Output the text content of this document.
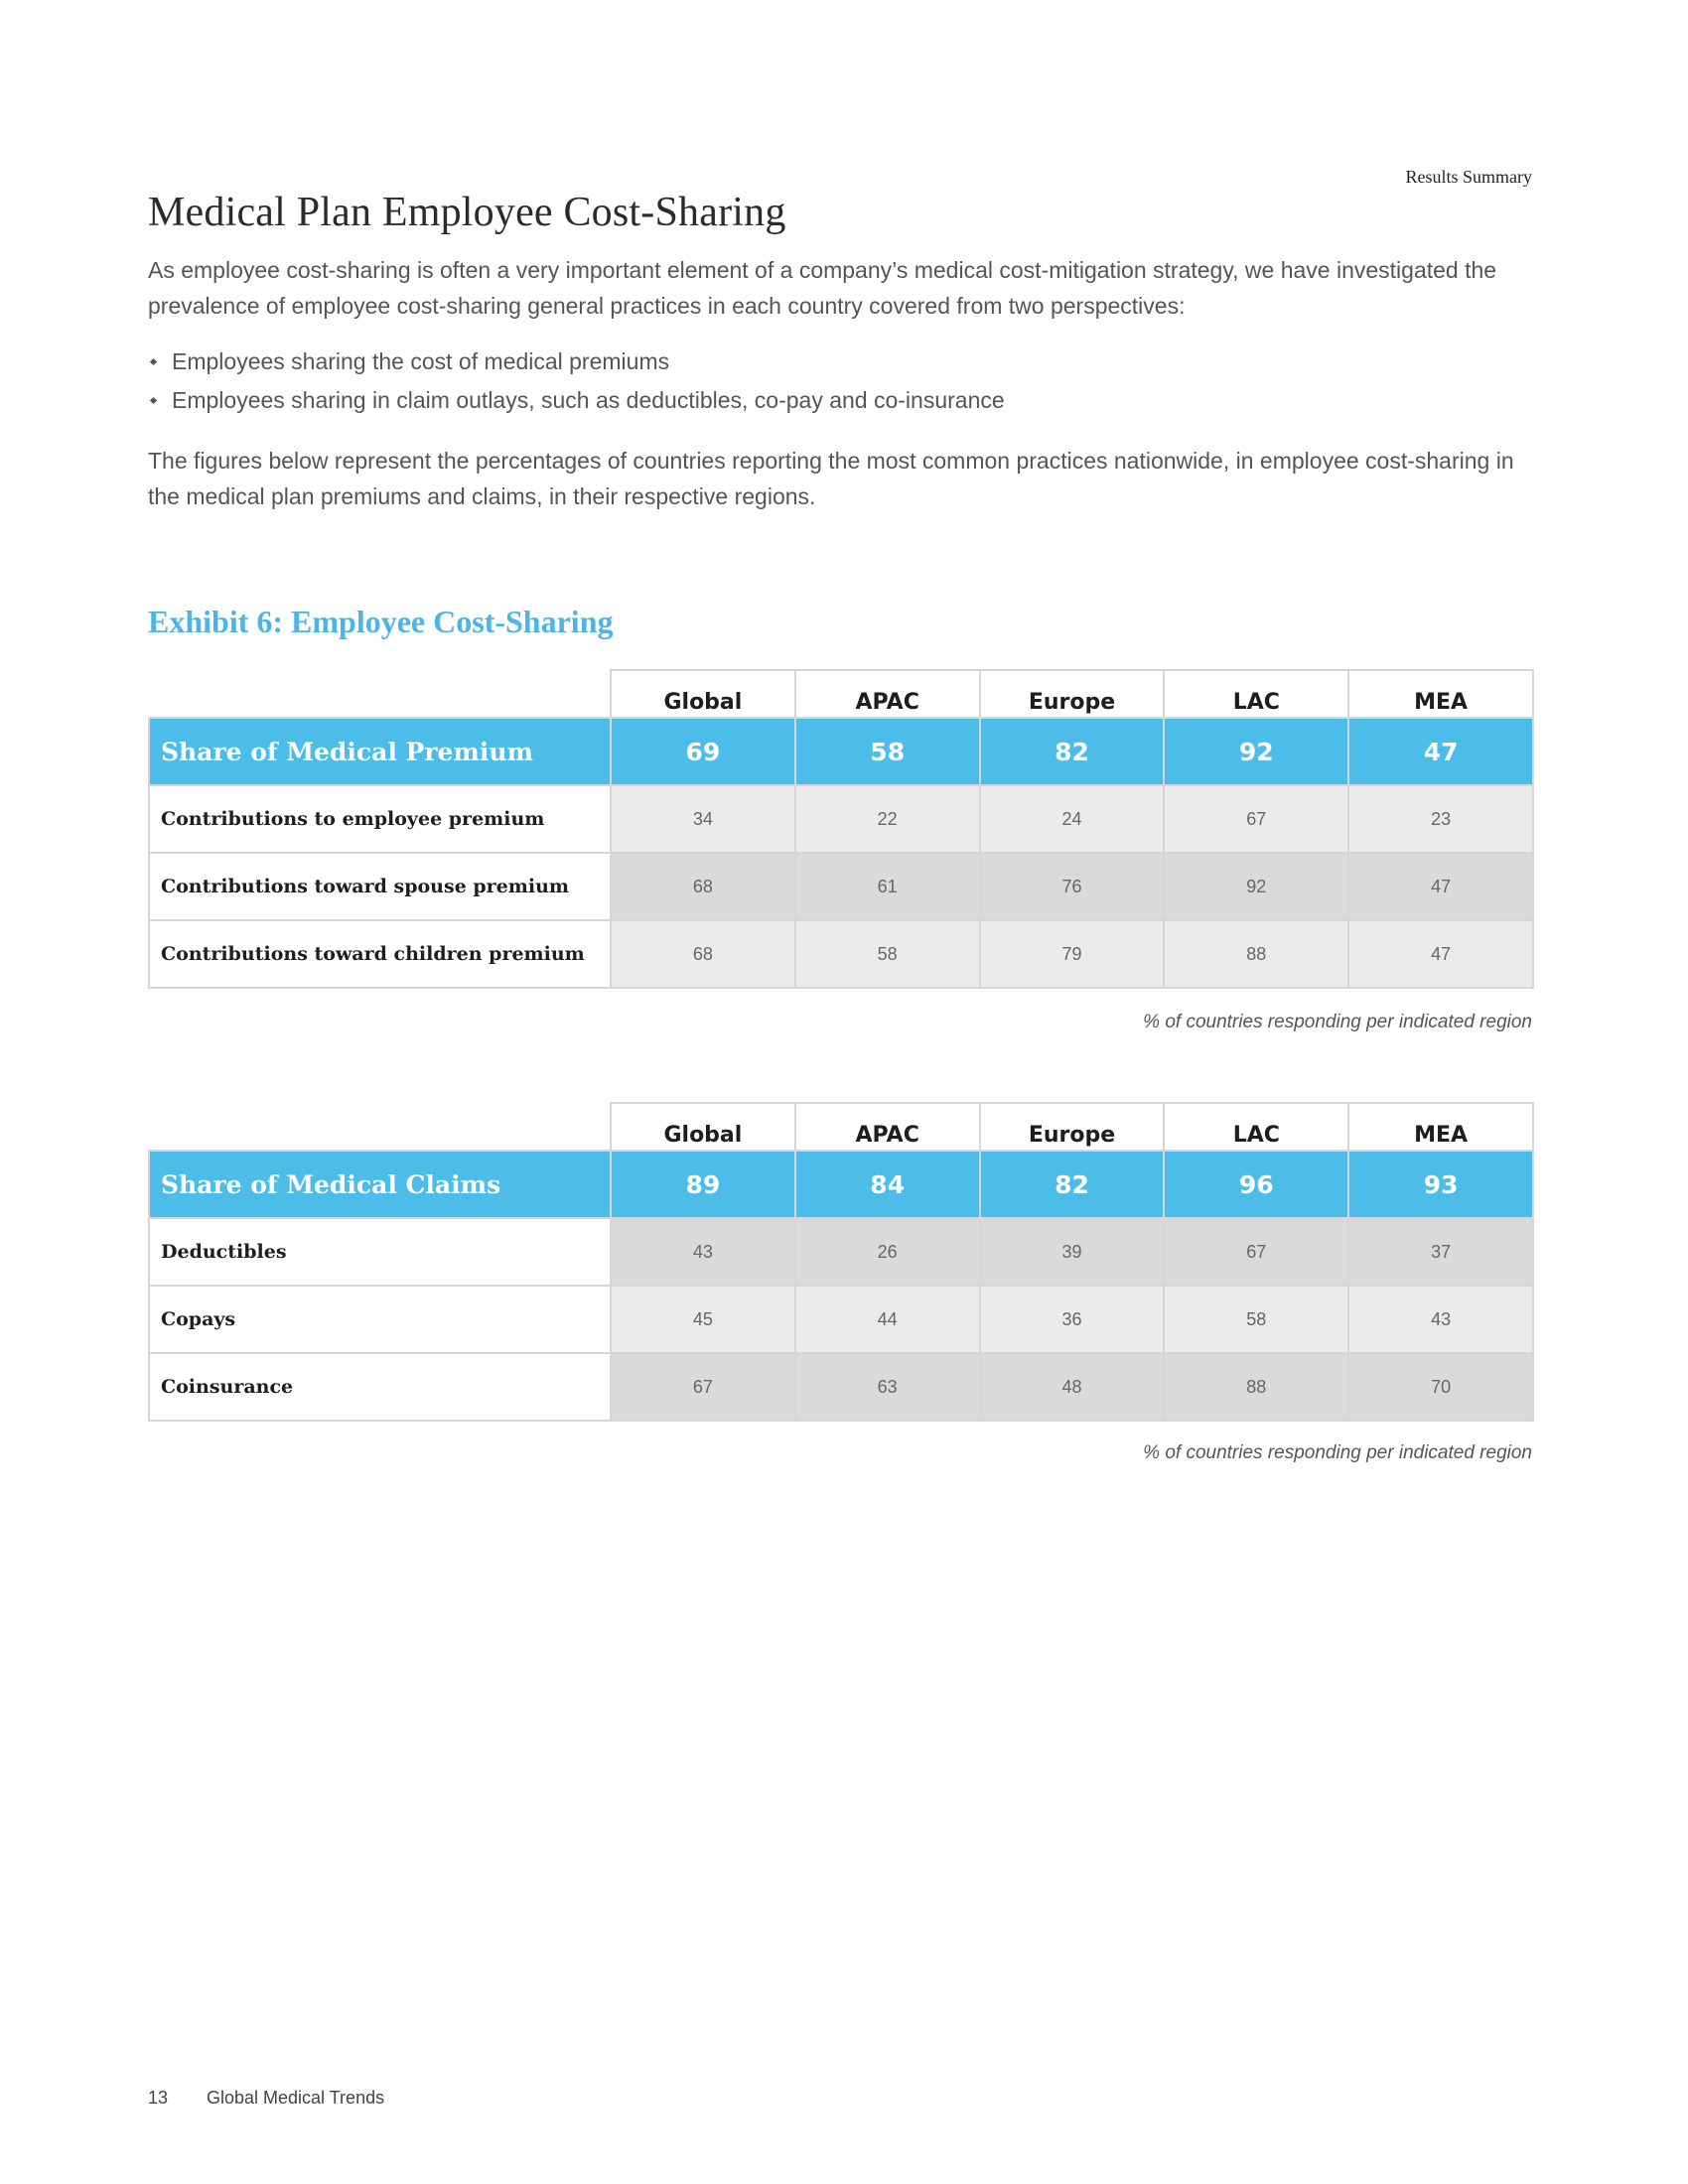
Results Summary
Medical Plan Employee Cost-Sharing

As employee cost-sharing is often a very important element of a company’s medical cost-mitigation strategy, we have investigated the prevalence of employee cost-sharing general practices in each country covered from two perspectives:

Employees sharing the cost of medical premiums
Employees sharing in claim outlays, such as deductibles, co-pay and co-insurance

The figures below represent the percentages of countries reporting the most common practices nationwide, in employee cost-sharing in the medical plan premiums and claims, in their respective regions.

Exhibit 6: Employee Cost-Sharing
	Global	APAC	Europe	LAC	MEA
Share of Medical Premium	69	58	82	92	47
Contributions to employee premium	34	22	24	67	23
Contributions toward spouse premium	68	61	76	92	47
Contributions toward children premium	68	58	79	88	47

% of countries responding per indicated region

	Global	APAC	Europe	LAC	MEA
Share of Medical Claims	89	84	82	96	93
Deductibles	43	26	39	67	37
Copays	45	44	36	58	43
Coinsurance	67	63	48	88	70

% of countries responding per indicated region

13 Global Medical Trends
